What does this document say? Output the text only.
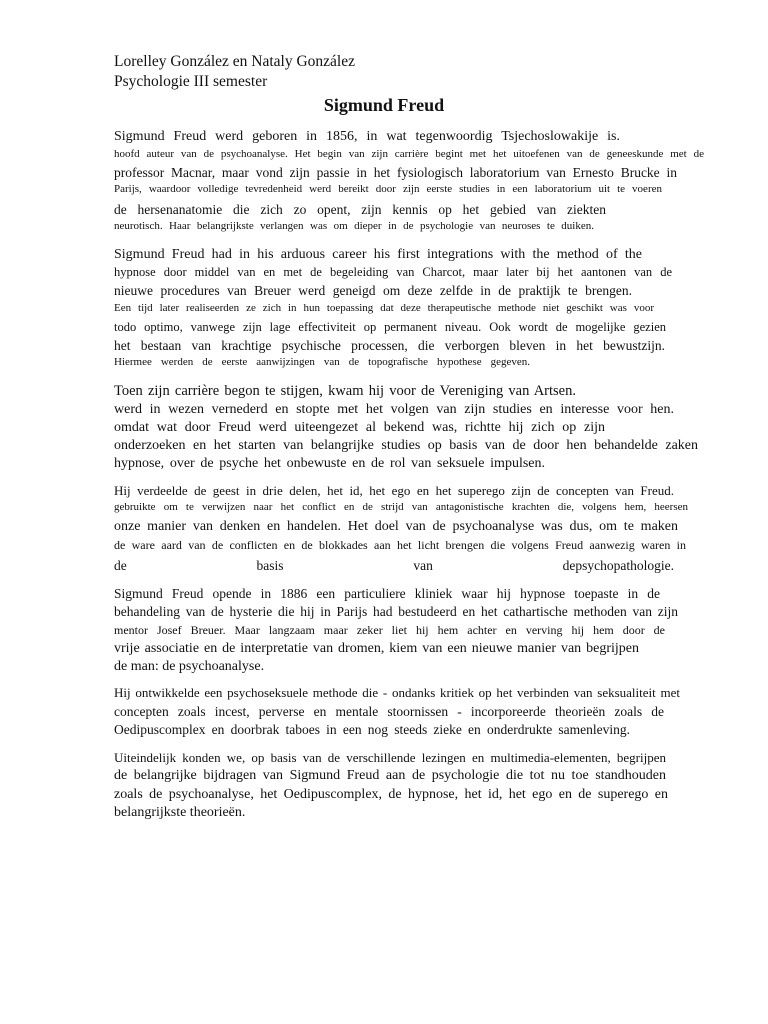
Lorelley González en Nataly González
Psychologie III semester
Sigmund Freud
Sigmund Freud werd geboren in 1856, in wat tegenwoordig Tsjechoslowakije is.
hoofd auteur van de psychoanalyse. Het begin van zijn carrière begint met het uitoefenen van de geneeskunde met de
professor Macnar, maar vond zijn passie in het fysiologisch laboratorium van Ernesto Brucke in
Parijs, waardoor volledige tevredenheid werd bereikt door zijn eerste studies in een laboratorium uit te voeren
de hersenanatomie die zich zo opent, zijn kennis op het gebied van ziekten
neurotisch. Haar belangrijkste verlangen was om dieper in de psychologie van neuroses te duiken.
Sigmund Freud had in his arduous career his first integrations with the method of the
hypnose door middel van en met de begeleiding van Charcot, maar later bij het aantonen van de
nieuwe procedures van Breuer werd geneigd om deze zelfde in de praktijk te brengen.
Een tijd later realiseerden ze zich in hun toepassing dat deze therapeutische methode niet geschikt was voor
todo optimo, vanwege zijn lage effectiviteit op permanent niveau. Ook wordt de mogelijke gezien
het bestaan van krachtige psychische processen, die verborgen bleven in het bewustzijn.
Hiermee werden de eerste aanwijzingen van de topografische hypothese gegeven.
Toen zijn carrière begon te stijgen, kwam hij voor de Vereniging van Artsen.
werd in wezen vernederd en stopte met het volgen van zijn studies en interesse voor hen.
omdat wat door Freud werd uiteengezet al bekend was, richtte hij zich op zijn
onderzoeken en het starten van belangrijke studies op basis van de door hen behandelde zaken
hypnose, over de psyche het onbewuste en de rol van seksuele impulsen.
Hij verdeelde de geest in drie delen, het id, het ego en het superego zijn de concepten van Freud.
gebruikte om te verwijzen naar het conflict en de strijd van antagonistische krachten die, volgens hem, heersen
onze manier van denken en handelen. Het doel van de psychoanalyse was dus, om te maken
de ware aard van de conflicten en de blokkades aan het licht brengen die volgens Freud aanwezig waren in
de basis van depsychopathologie.
Sigmund Freud opende in 1886 een particuliere kliniek waar hij hypnose toepaste in de
behandeling van de hysterie die hij in Parijs had bestudeerd en het cathartische methoden van zijn
mentor Josef Breuer. Maar langzaam maar zeker liet hij hem achter en verving hij hem door de
vrije associatie en de interpretatie van dromen, kiem van een nieuwe manier van begrijpen
de man: de psychoanalyse.
Hij ontwikkelde een psychoseksuele methode die - ondanks kritiek op het verbinden van seksualiteit met
concepten zoals incest, perverse en mentale stoornissen - incorporeerde theorieën zoals de
Oedipuscomplex en doorbrak taboes in een nog steeds zieke en onderdrukte samenleving.
Uiteindelijk konden we, op basis van de verschillende lezingen en multimedia-elementen, begrijpen
de belangrijke bijdragen van Sigmund Freud aan de psychologie die tot nu toe standhouden
zoals de psychoanalyse, het Oedipuscomplex, de hypnose, het id, het ego en de superego en
belangrijkste theorieën.
